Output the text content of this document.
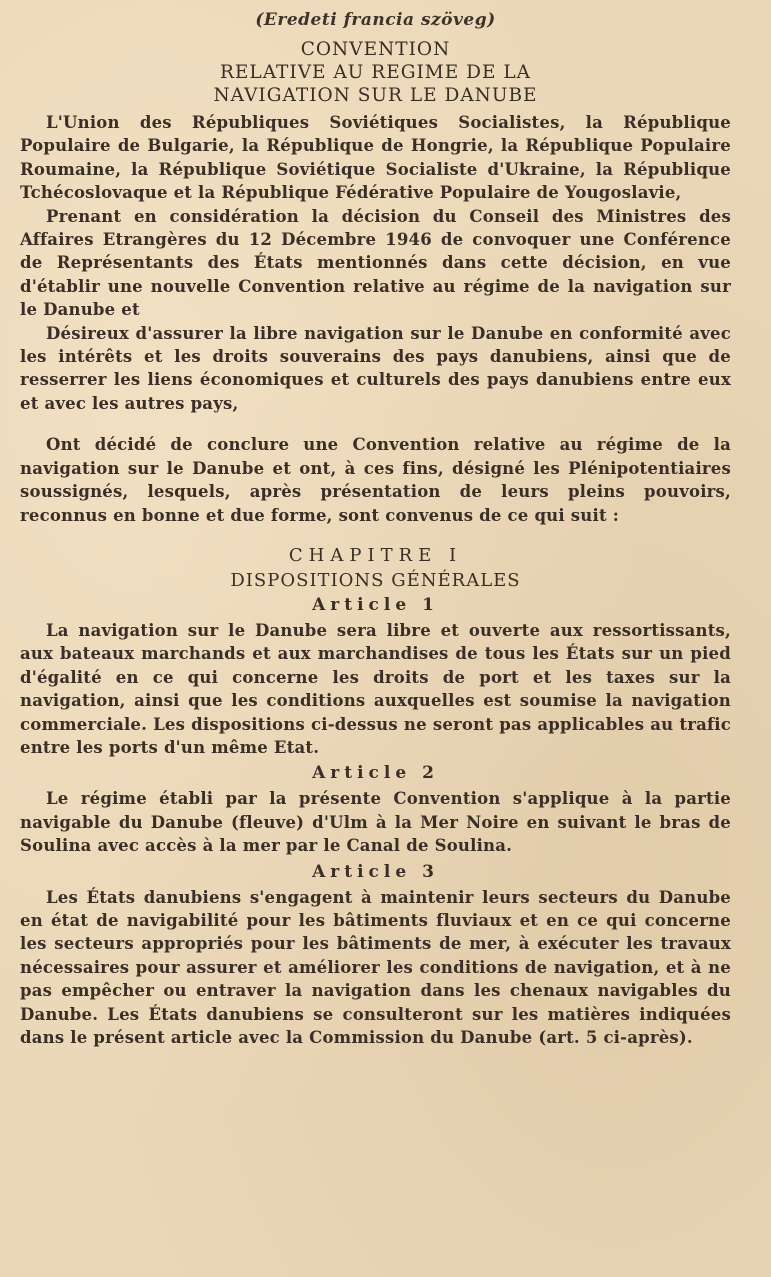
(Eredeti francia szöveg)

CONVENTION

RELATIVE AU REGIME DE LA

NAVIGATION SUR LE DANUBE

L'Union des Républiques Soviétiques Socialistes, la République Populaire de Bulgarie, la République de Hongrie, la République Populaire Roumaine, la République Soviétique Socialiste d'Ukraine, la République Tchécoslovaque et la République Fédérative Populaire de Yougoslavie,

Prenant en considération la décision du Conseil des Ministres des Affaires Etrangères du 12 Décembre 1946 de convoquer une Conférence de Représentants des États mentionnés dans cette décision, en vue d'établir une nouvelle Convention relative au régime de la navigation sur le Danube et

Désireux d'assurer la libre navigation sur le Danube en conformité avec les intérêts et les droits souverains des pays danubiens, ainsi que de resserrer les liens économiques et culturels des pays danubiens entre eux et avec les autres pays,

Ont décidé de conclure une Convention relative au régime de la navigation sur le Danube et ont, à ces fins, désigné les Plénipotentiaires soussignés, lesquels, après présentation de leurs pleins pouvoirs, reconnus en bonne et due forme, sont convenus de ce qui suit :

CHAPITRE I
DISPOSITIONS GÉNÉRALES
Article 1

La navigation sur le Danube sera libre et ouverte aux ressortissants, aux bateaux marchands et aux marchandises de tous les États sur un pied d'égalité en ce qui concerne les droits de port et les taxes sur la navigation, ainsi que les conditions auxquelles est soumise la navigation commerciale. Les dispositions ci-dessus ne seront pas applicables au trafic entre les ports d'un même Etat.

Article 2

Le régime établi par la présente Convention s'applique à la partie navigable du Danube (fleuve) d'Ulm à la Mer Noire en suivant le bras de Soulina avec accès à la mer par le Canal de Soulina.

Article 3

Les États danubiens s'engagent à maintenir leurs secteurs du Danube en état de navigabilité pour les bâtiments fluviaux et en ce qui concerne les secteurs appropriés pour les bâtiments de mer, à exécuter les travaux nécessaires pour assurer et améliorer les conditions de navigation, et à ne pas empêcher ou entraver la navigation dans les chenaux navigables du Danube. Les États danubiens se consulteront sur les matières indiquées dans le présent article avec la Commission du Danube (art. 5 ci-après).
